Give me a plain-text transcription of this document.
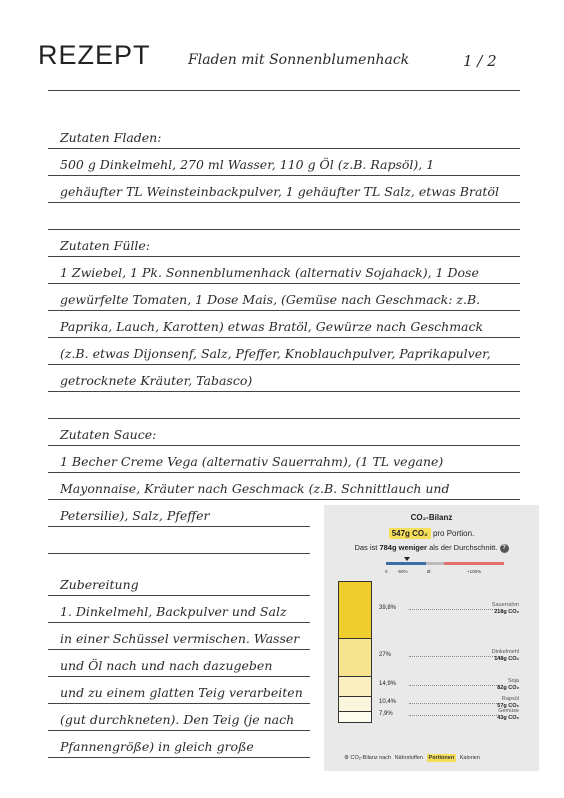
REZEPT	Fladen mit Sonnenblumenhack	1 / 2
Zutaten Fladen:
500 g Dinkelmehl, 270 ml Wasser, 110 g Öl (z.B. Rapsöl), 1
gehäufter TL Weinsteinbackpulver, 1 gehäufter TL Salz, etwas Bratöl
Zutaten Fülle:
1 Zwiebel, 1 Pk. Sonnenblumenhack (alternativ Sojahack), 1 Dose
gewürfelte Tomaten, 1 Dose Mais, (Gemüse nach Geschmack: z.B.
Paprika, Lauch, Karotten) etwas Bratöl, Gewürze nach Geschmack
(z.B. etwas Dijonsenf, Salz, Pfeffer, Knoblauchpulver, Paprikapulver,
getrocknete Kräuter, Tabasco)
Zutaten Sauce:
1 Becher Creme Vega (alternativ Sauerrahm), (1 TL vegane)
Mayonnaise, Kräuter nach Geschmack (z.B. Schnittlauch und
Petersilie), Salz, Pfeffer
Zubereitung
1. Dinkelmehl, Backpulver und Salz
in einer Schüssel vermischen. Wasser
und Öl nach und nach dazugeben
und zu einem glatten Teig verarbeiten
(gut durchkneten). Den Teig (je nach
Pfannengröße) in gleich große
CO₂-Bilanz
547g CO₂ pro Portion.
Das ist 784g weniger als der Durchschnitt. ?
0 -50%	Ø	+100%
39,8%	Sauerrahm
218g CO₂
27%	Dinkelmehl
148g CO₂
14,9%	Soja
82g CO₂
10,4%	Rapsöl
57g CO₂
7,9%	Gemüse
43g CO₂
⚙ CO₂-Bilanz nach Nährstoffen Portionen Kalorien
